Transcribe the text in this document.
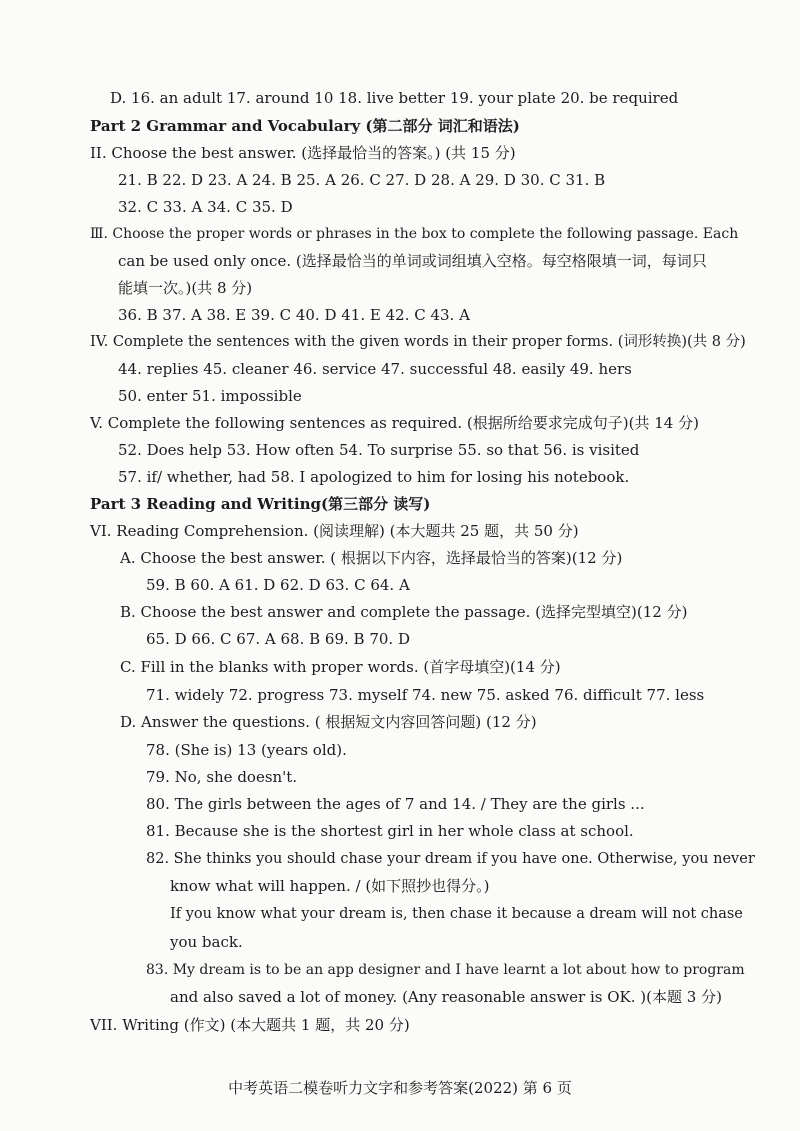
D. 16. an adult 17. around 10 18. live better 19. your plate 20. be required
Part 2 Grammar and Vocabulary (第二部分 词汇和语法)
II. Choose the best answer. (选择最恰当的答案。) (共 15 分)
21. B 22. D 23. A 24. B 25. A 26. C 27. D 28. A 29. D 30. C 31. B
32. C 33. A 34. C 35. D
Ⅲ. Choose the proper words or phrases in the box to complete the following passage. Each
can be used only once. (选择最恰当的单词或词组填入空格。每空格限填一词，每词只
能填一次。)(共 8 分)
36. B 37. A 38. E 39. C 40. D 41. E 42. C 43. A
IV. Complete the sentences with the given words in their proper forms. (词形转换)(共 8 分)
44. replies 45. cleaner 46. service 47. successful 48. easily 49. hers
50. enter 51. impossible
V. Complete the following sentences as required. (根据所给要求完成句子)(共 14 分)
52. Does help 53. How often 54. To surprise 55. so that 56. is visited
57. if/ whether, had 58. I apologized to him for losing his notebook.
Part 3 Reading and Writing(第三部分 读写)
VI. Reading Comprehension. (阅读理解) (本大题共 25 题，共 50 分)
A. Choose the best answer. ( 根据以下内容，选择最恰当的答案)(12 分)
59. B 60. A 61. D 62. D 63. C 64. A
B. Choose the best answer and complete the passage. (选择完型填空)(12 分)
65. D 66. C 67. A 68. B 69. B 70. D
C. Fill in the blanks with proper words. (首字母填空)(14 分)
71. widely 72. progress 73. myself 74. new 75. asked 76. difficult 77. less
D. Answer the questions. ( 根据短文内容回答问题) (12 分)
78. (She is) 13 (years old).
79. No, she doesn't.
80. The girls between the ages of 7 and 14. / They are the girls ...
81. Because she is the shortest girl in her whole class at school.
82. She thinks you should chase your dream if you have one. Otherwise, you never
know what will happen. / (如下照抄也得分。)
If you know what your dream is, then chase it because a dream will not chase
you back.
83. My dream is to be an app designer and I have learnt a lot about how to program
and also saved a lot of money. (Any reasonable answer is OK. )(本题 3 分)
VII. Writing (作文) (本大题共 1 题，共 20 分)
中考英语二模卷听力文字和参考答案(2022) 第 6 页
